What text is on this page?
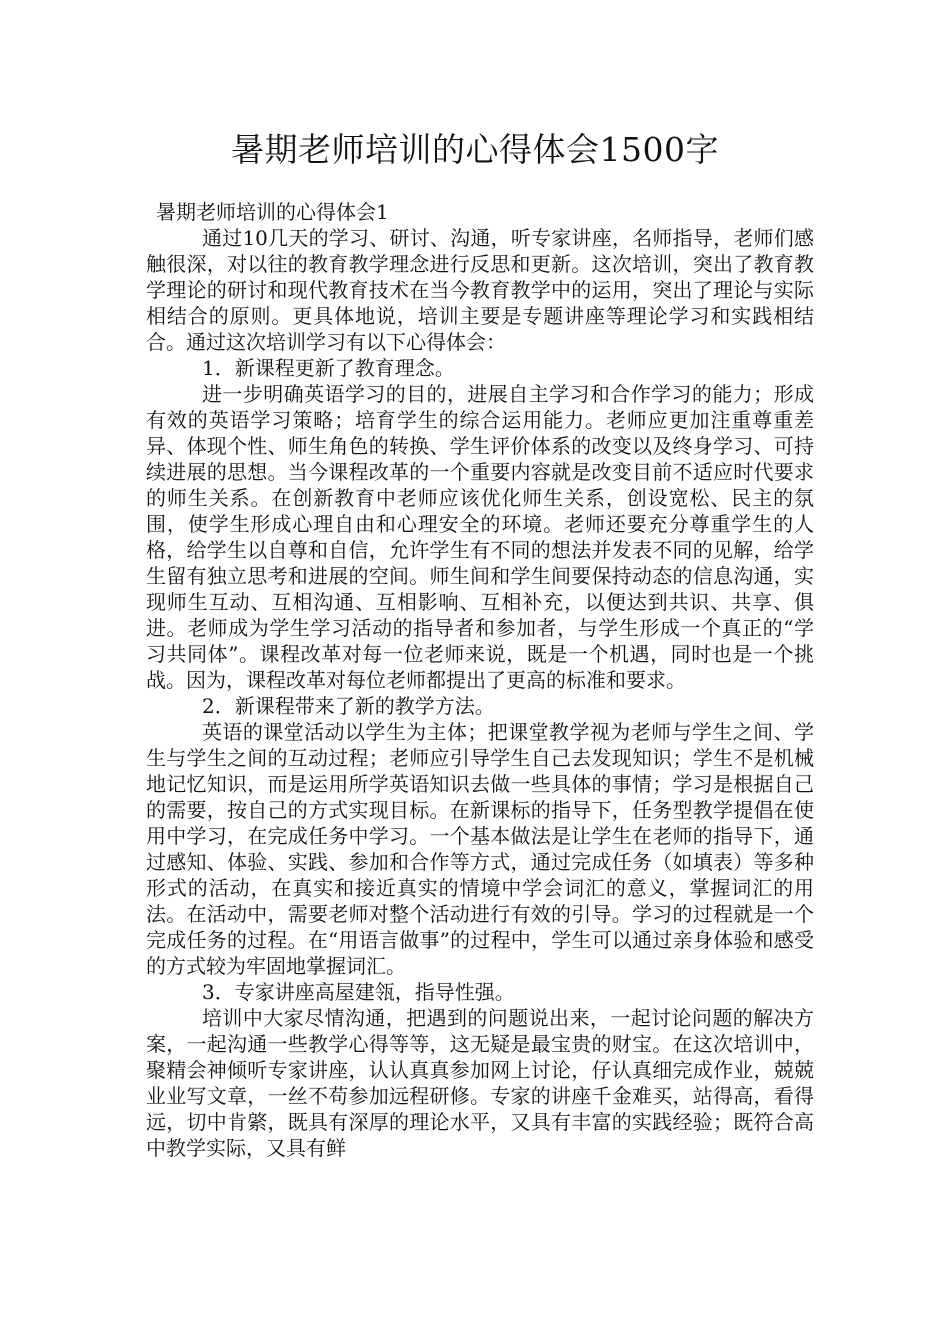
暑期老师培训的心得体会1500字

暑期老师培训的心得体会1

通过10几天的学习、研讨、沟通，听专家讲座，名师指导，老师们感触很深，对以往的教育教学理念进行反思和更新。这次培训，突出了教育教学理论的研讨和现代教育技术在当今教育教学中的运用，突出了理论与实际相结合的原则。更具体地说，培训主要是专题讲座等理论学习和实践相结合。通过这次培训学习有以下心得体会：

1．新课程更新了教育理念。

进一步明确英语学习的目的，进展自主学习和合作学习的能力；形成有效的英语学习策略；培育学生的综合运用能力。老师应更加注重尊重差异、体现个性、师生角色的转换、学生评价体系的改变以及终身学习、可持续进展的思想。当今课程改革的一个重要内容就是改变目前不适应时代要求的师生关系。在创新教育中老师应该优化师生关系，创设宽松、民主的氛围，使学生形成心理自由和心理安全的环境。老师还要充分尊重学生的人格，给学生以自尊和自信，允许学生有不同的想法并发表不同的见解，给学生留有独立思考和进展的空间。师生间和学生间要保持动态的信息沟通，实现师生互动、互相沟通、互相影响、互相补充，以便达到共识、共享、俱进。老师成为学生学习活动的指导者和参加者，与学生形成一个真正的“学习共同体”。课程改革对每一位老师来说，既是一个机遇，同时也是一个挑战。因为，课程改革对每位老师都提出了更高的标准和要求。

2．新课程带来了新的教学方法。

英语的课堂活动以学生为主体；把课堂教学视为老师与学生之间、学生与学生之间的互动过程；老师应引导学生自己去发现知识；学生不是机械地记忆知识，而是运用所学英语知识去做一些具体的事情；学习是根据自己的需要，按自己的方式实现目标。在新课标的指导下，任务型教学提倡在使用中学习，在完成任务中学习。一个基本做法是让学生在老师的指导下，通过感知、体验、实践、参加和合作等方式，通过完成任务（如填表）等多种形式的活动，在真实和接近真实的情境中学会词汇的意义，掌握词汇的用法。在活动中，需要老师对整个活动进行有效的引导。学习的过程就是一个完成任务的过程。在“用语言做事”的过程中，学生可以通过亲身体验和感受的方式较为牢固地掌握词汇。

3．专家讲座高屋建瓴，指导性强。

培训中大家尽情沟通，把遇到的问题说出来，一起讨论问题的解决方案，一起沟通一些教学心得等等，这无疑是最宝贵的财宝。在这次培训中，聚精会神倾听专家讲座，认认真真参加网上讨论，仔认真细完成作业，兢兢业业写文章，一丝不苟参加远程研修。专家的讲座千金难买，站得高，看得远，切中肯綮，既具有深厚的理论水平，又具有丰富的实践经验；既符合高中教学实际，又具有鲜
